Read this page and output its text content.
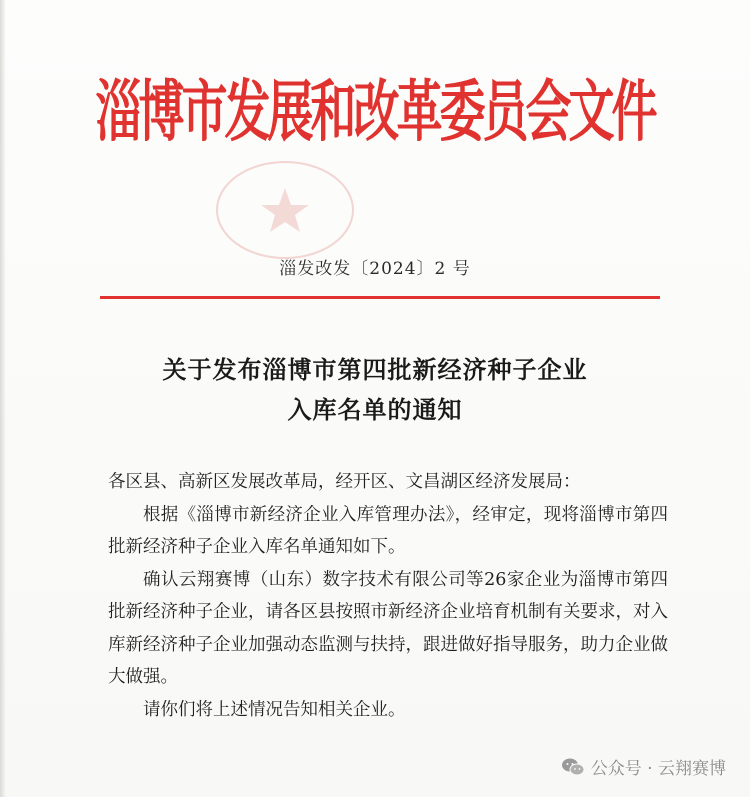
淄博市发展和改革委员会文件
淄发改发〔2024〕2 号
关于发布淄博市第四批新经济种子企业
入库名单的通知

各区县、高新区发展改革局，经开区、文昌湖区经济发展局：

根据《淄博市新经济企业入库管理办法》，经审定，现将淄博市第四批新经济种子企业入库名单通知如下。

确认云翔赛博（山东）数字技术有限公司等26家企业为淄博市第四批新经济种子企业，请各区县按照市新经济企业培育机制有关要求，对入库新经济种子企业加强动态监测与扶持，跟进做好指导服务，助力企业做大做强。

请你们将上述情况告知相关企业。

公众号 · 云翔赛博
